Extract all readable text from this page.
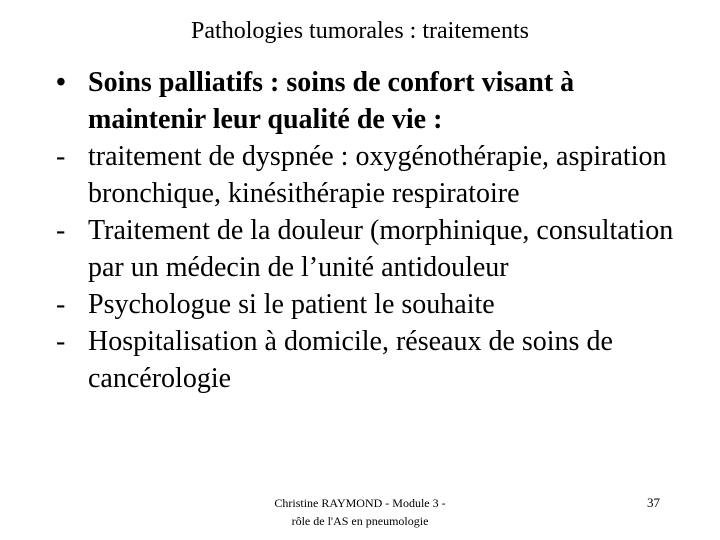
Pathologies tumorales : traitements

• Soins palliatifs : soins de confort visant à maintenir leur qualité de vie :

- traitement de dyspnée : oxygénothérapie, aspiration bronchique, kinésithérapie respiratoire

- Traitement de la douleur (morphinique, consultation par un médecin de l’unité antidouleur

- Psychologue si le patient le souhaite

- Hospitalisation à domicile, réseaux de soins de cancérologie

Christine RAYMOND - Module 3 -
rôle de l'AS en pneumologie
37
